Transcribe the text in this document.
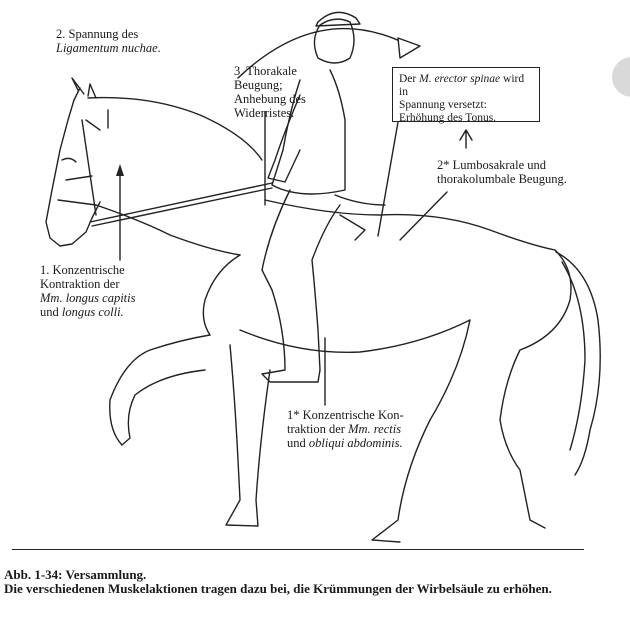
2. Spannung des
Ligamentum nuchae.
3. Thorakale
Beugung;
Anhebung des
Widerristes.
Der M. erector spinae wird in
Spannung versetzt:
Erhöhung des Tonus.
2* Lumbosakrale und
thorakolumbale Beugung.
1. Konzentrische
Kontraktion der
Mm. longus capitis
und longus colli.
1* Konzentrische Kon-
traktion der Mm. rectis
und obliqui abdominis.
Abb. 1-34: Versammlung.
Die verschiedenen Muskelaktionen tragen dazu bei, die Krümmungen der Wirbelsäule zu erhöhen.
